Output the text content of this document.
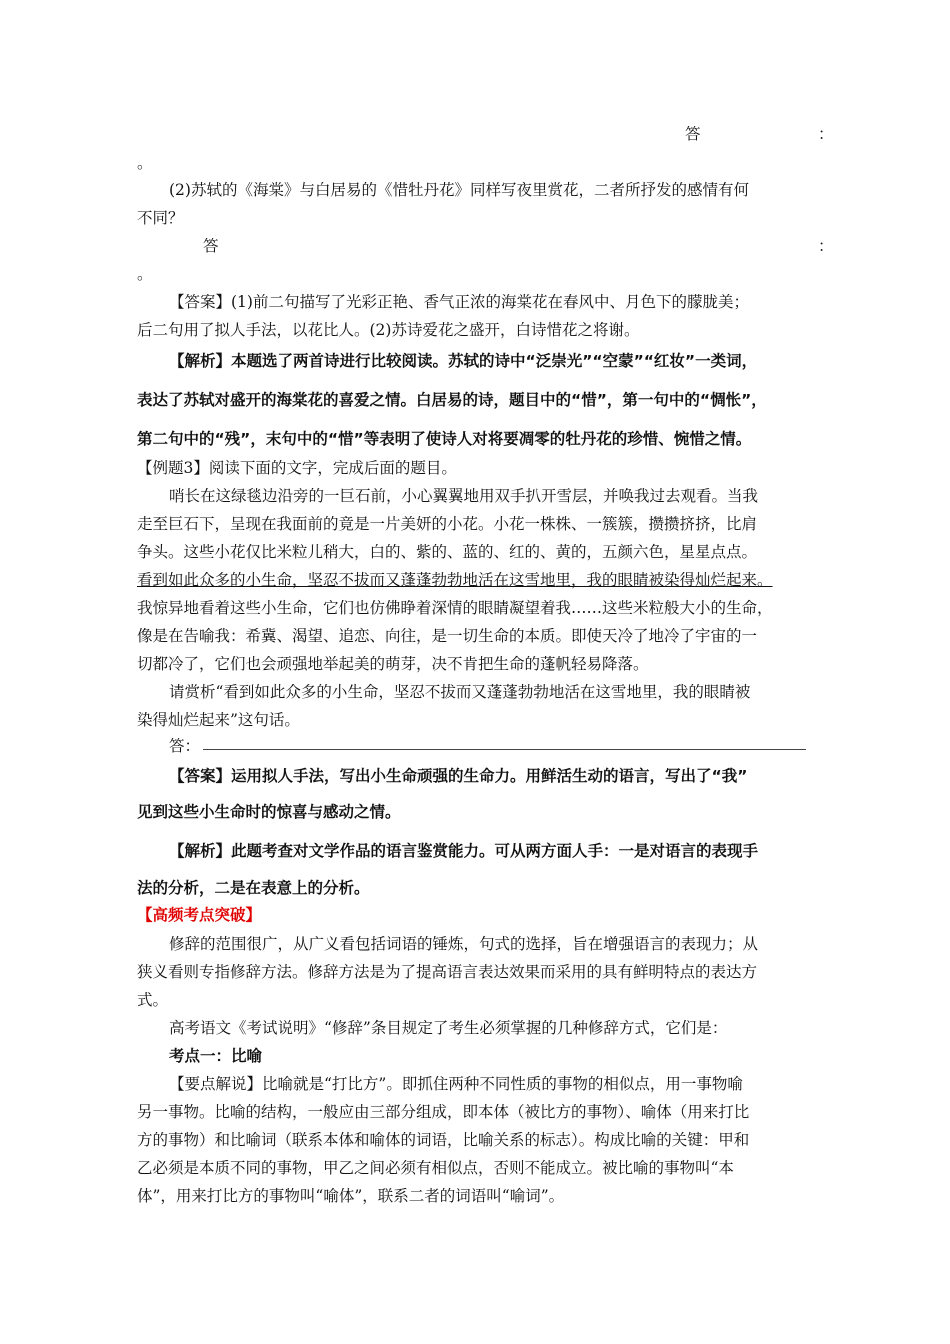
答	：
。
(2)苏轼的《海棠》与白居易的《惜牡丹花》同样写夜里赏花，二者所抒发的感情有何
不同？
答	：
。
【答案】(1)前二句描写了光彩正艳、香气正浓的海棠花在春风中、月色下的朦胧美；
后二句用了拟人手法，以花比人。(2)苏诗爱花之盛开，白诗惜花之将谢。
【解析】本题选了两首诗进行比较阅读。苏轼的诗中“泛崇光”“空蒙”“红妆”一类词，
表达了苏轼对盛开的海棠花的喜爱之情。白居易的诗，题目中的“惜”，第一句中的“惆怅”，
第二句中的“残”，末句中的“惜”等表明了使诗人对将要凋零的牡丹花的珍惜、惋惜之情。
【例题3】阅读下面的文字，完成后面的题目。
哨长在这绿毯边沿旁的一巨石前，小心翼翼地用双手扒开雪层，并唤我过去观看。当我
走至巨石下，呈现在我面前的竟是一片美妍的小花。小花一株株、一簇簇，攒攒挤挤，比肩
争头。这些小花仅比米粒儿稍大，白的、紫的、蓝的、红的、黄的，五颜六色，星星点点。
看到如此众多的小生命，坚忍不拔而又蓬蓬勃勃地活在这雪地里，我的眼睛被染得灿烂起来。
我惊异地看着这些小生命，它们也仿佛睁着深情的眼睛凝望着我……这些米粒般大小的生命，
像是在告喻我：希冀、渴望、追恋、向往，是一切生命的本质。即使天冷了地冷了宇宙的一
切都冷了，它们也会顽强地举起美的萌芽，决不肯把生命的蓬帆轻易降落。
请赏析“看到如此众多的小生命，坚忍不拔而又蓬蓬勃勃地活在这雪地里，我的眼睛被
染得灿烂起来”这句话。
答：
【答案】运用拟人手法，写出小生命顽强的生命力。用鲜活生动的语言，写出了“我”
见到这些小生命时的惊喜与感动之情。
【解析】此题考查对文学作品的语言鉴赏能力。可从两方面人手：一是对语言的表现手
法的分析，二是在表意上的分析。
【高频考点突破】
修辞的范围很广，从广义看包括词语的锤炼，句式的选择，旨在增强语言的表现力；从
狭义看则专指修辞方法。修辞方法是为了提高语言表达效果而采用的具有鲜明特点的表达方
式。
高考语文《考试说明》“修辞”条目规定了考生必须掌握的几种修辞方式，它们是：
考点一：比喻
【要点解说】比喻就是“打比方”。即抓住两种不同性质的事物的相似点，用一事物喻
另一事物。比喻的结构，一般应由三部分组成，即本体（被比方的事物）、喻体（用来打比
方的事物）和比喻词（联系本体和喻体的词语，比喻关系的标志）。构成比喻的关键：甲和
乙必须是本质不同的事物，甲乙之间必须有相似点，否则不能成立。被比喻的事物叫“本
体”，用来打比方的事物叫“喻体”，联系二者的词语叫“喻词”。
